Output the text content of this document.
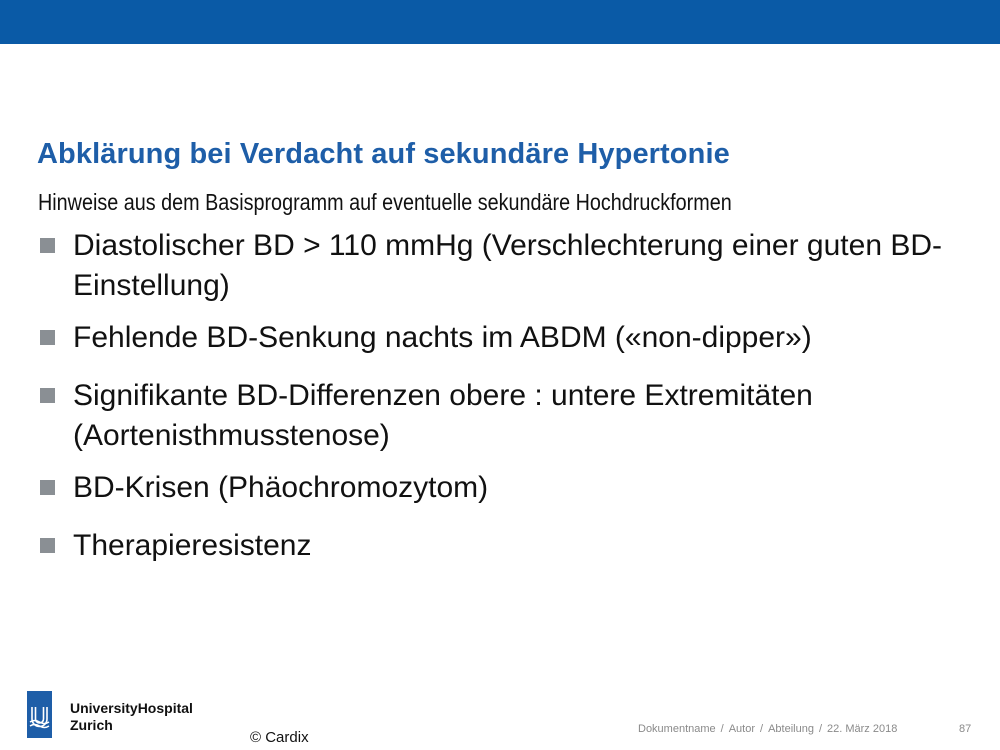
Abklärung bei Verdacht auf sekundäre Hypertonie

Hinweise aus dem Basisprogramm auf eventuelle sekundäre Hochdruckformen

Diastolischer BD > 110 mmHg (Verschlechterung einer guten BD-Einstellung)
Fehlende BD-Senkung nachts im ABDM («non-dipper»)
Signifikante BD-Differenzen obere : untere Extremitäten (Aortenisthmusstenose)
BD-Krisen (Phäochromozytom)
Therapieresistenz
UniversityHospital
Zurich
© Cardix	Dokumentname / Autor / Abteilung / 22. März 2018	87
